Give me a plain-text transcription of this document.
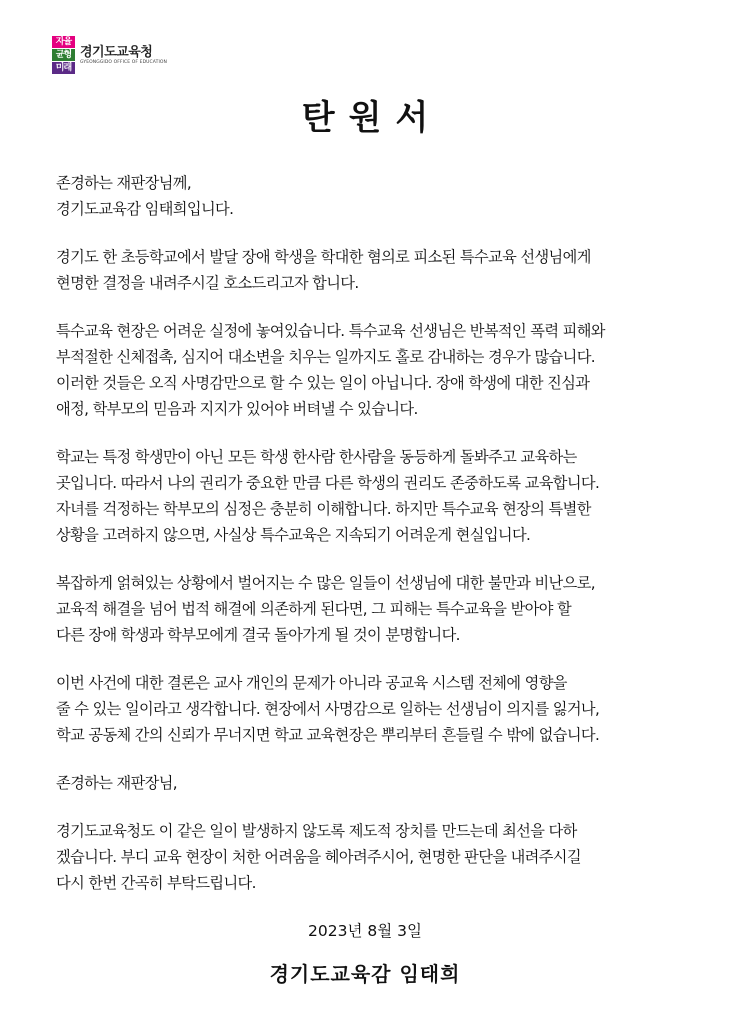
자율
균형
미래
경기도교육청
GYEONGGIDO OFFICE OF EDUCATION
탄원서
존경하는 재판장님께,
경기도교육감 임태희입니다.
경기도 한 초등학교에서 발달 장애 학생을 학대한 혐의로 피소된 특수교육 선생님에게
현명한 결정을 내려주시길 호소드리고자 합니다.
특수교육 현장은 어려운 실정에 놓여있습니다. 특수교육 선생님은 반복적인 폭력 피해와
부적절한 신체접촉, 심지어 대소변을 치우는 일까지도 홀로 감내하는 경우가 많습니다.
이러한 것들은 오직 사명감만으로 할 수 있는 일이 아닙니다. 장애 학생에 대한 진심과
애정, 학부모의 믿음과 지지가 있어야 버텨낼 수 있습니다.
학교는 특정 학생만이 아닌 모든 학생 한사람 한사람을 동등하게 돌봐주고 교육하는
곳입니다. 따라서 나의 권리가 중요한 만큼 다른 학생의 권리도 존중하도록 교육합니다.
자녀를 걱정하는 학부모의 심정은 충분히 이해합니다. 하지만 특수교육 현장의 특별한
상황을 고려하지 않으면, 사실상 특수교육은 지속되기 어려운게 현실입니다.
복잡하게 얽혀있는 상황에서 벌어지는 수 많은 일들이 선생님에 대한 불만과 비난으로,
교육적 해결을 넘어 법적 해결에 의존하게 된다면, 그 피해는 특수교육을 받아야 할
다른 장애 학생과 학부모에게 결국 돌아가게 될 것이 분명합니다.
이번 사건에 대한 결론은 교사 개인의 문제가 아니라 공교육 시스템 전체에 영향을
줄 수 있는 일이라고 생각합니다. 현장에서 사명감으로 일하는 선생님이 의지를 잃거나,
학교 공동체 간의 신뢰가 무너지면 학교 교육현장은 뿌리부터 흔들릴 수 밖에 없습니다.
존경하는 재판장님,
경기도교육청도 이 같은 일이 발생하지 않도록 제도적 장치를 만드는데 최선을 다하
겠습니다. 부디 교육 현장이 처한 어려움을 헤아려주시어, 현명한 판단을 내려주시길
다시 한번 간곡히 부탁드립니다.
2023년 8월 3일
경기도교육감 임태희
